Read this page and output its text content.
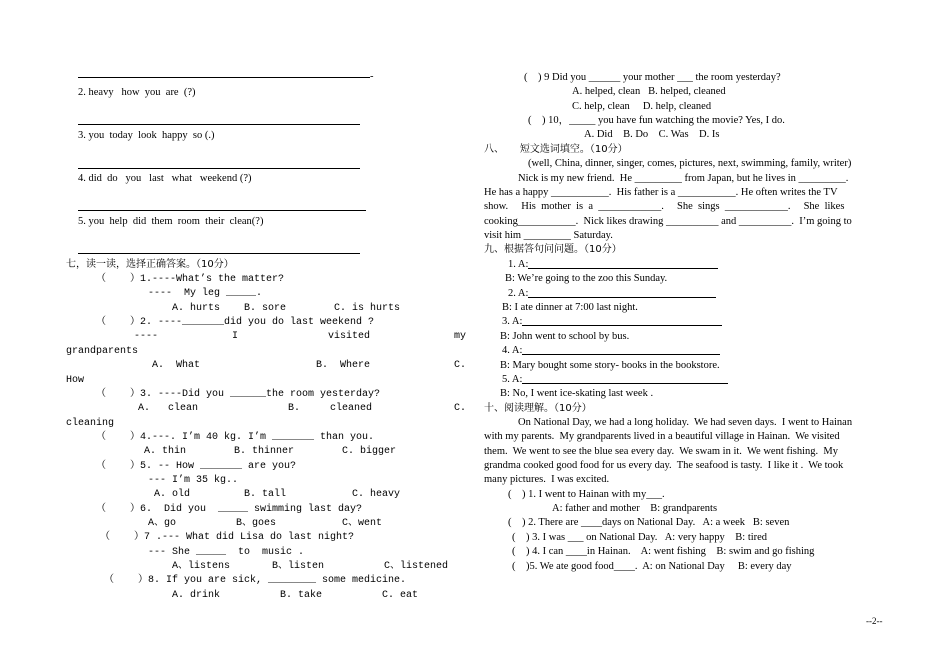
-
2. heavy   how  you  are  (?)
3. you  today  look  happy  so (.)
4. did  do   you   last   what   weekend (?)
5. you  help  did  them  room  their  clean(?)
七，读一读，选择正确答案。（10分）
（    ）1.----What’s the matter?
----  My leg _____.
A. hurts    B. sore        C. is hurts
（    ）2. ----_______did you do last weekend ?
----	I	visited	my
grandparents
A.  What	B.  Where	C.
How
（    ）3. ----Did you ______the room yesterday?
A.   clean	B.     cleaned	C.
cleaning
（    ）4.---. I’m 40 kg. I’m _______ than you.
A. thin        B. thinner        C. bigger
（    ）5. -- How _______ are you?
--- I’m 35 kg..
A. old         B. tall           C. heavy
（    ）6.  Did you  _____ swimming last day?
A、go          B、goes           C、went
（    ）7 .--- What did Lisa do last night?
--- She _____  to  music .
A、listens       B、listen          C、listened
（    ）8. If you are sick, ________ some medicine.
A. drink          B. take          C. eat
(    ) 9 Did you ______ your mother ___ the room yesterday?
A. helped, clean   B. helped, cleaned
C. help, clean     D. help, cleaned
(    ) 10，_____ you have fun watching the movie? Yes, I do.
A. Did    B. Do    C. Was    D. Is
八、     短文选词填空。（10分）
(well, China, dinner, singer, comes, pictures, next, swimming, family, writer)
Nick is my new friend.  He _________ from Japan, but he lives in _________.
He has a happy ___________.  His father is a ___________. He often writes the TV
show.     His  mother  is  a  ____________.     She  sings  ____________.     She  likes
cooking___________.  Nick likes drawing __________ and __________.  I’m going to
visit him _________ Saturday.
九、根据答句问问题。（10分）
1. A:
B: We’re going to the zoo this Sunday.
2. A:
B: I ate dinner at 7:00 last night.
3. A:
B: John went to school by bus.
4. A:
B: Mary bought some story- books in the bookstore.
5. A:
B: No, I went ice-skating last week .
十、阅读理解。（10分）
On National Day, we had a long holiday.  We had seven days.  I went to Hainan
with my parents.  My grandparents lived in a beautiful village in Hainan.  We visited
them.  We went to see the blue sea every day.  We swam in it.  We went fishing.  My
grandma cooked good food for us every day.  The seafood is tasty.  I like it .  We took
many pictures.  I was excited.
(    ) 1. I went to Hainan with my___.
A: father and mother    B: grandparents
(    ) 2. There are ____days on National Day.   A: a week   B: seven
(    ) 3. I was ___ on National Day.   A: very happy    B: tired
(    ) 4. I can ____in Hainan.    A: went fishing    B: swim and go fishing
(    )5. We ate good food____.  A: on National Day     B: every day
--2--
